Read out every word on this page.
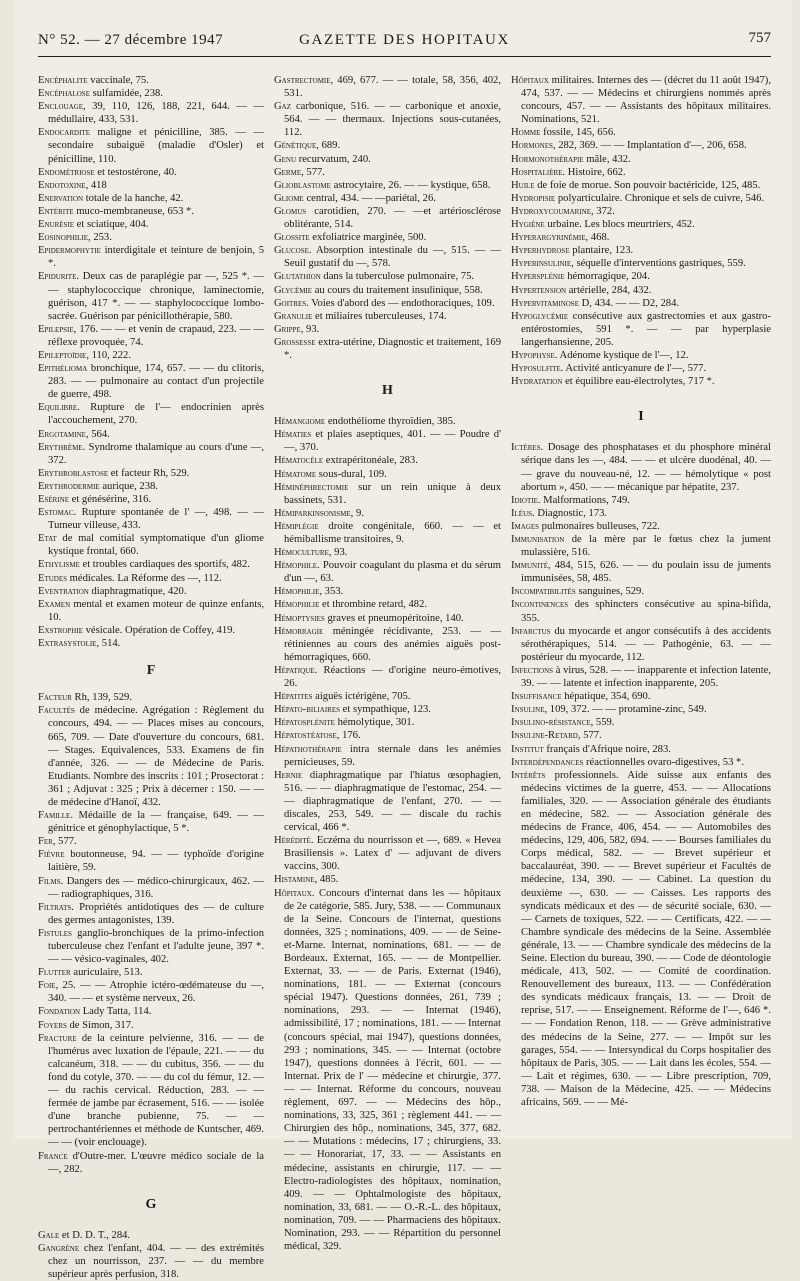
N° 52. — 27 décembre 1947	GAZETTE DES HOPITAUX	757
Encéphalite vaccinale, 75.
Encéphalose sulfamidée, 238.
Enclouage, 39, 110, 126, 188, 221, 644. — — médullaire, 433, 531.
Endocardite maligne et pénicilline, 385. — — secondaire subaiguë (maladie d'Osler) et pénicilline, 110.
Endométriose et testostérone, 40.
Endotoxine, 418
Enervation totale de la hanche, 42.
Entérite muco-membraneuse, 653 *.
Enurésie et sciatique, 404.
Eosinophilie, 253.
Epidermophytie interdigitale et teinture de benjoin, 5 *.
Epidurite. Deux cas de paraplégie par —, 525 *. — — staphylococcique chronique, laminectomie, guérison, 417 *. — — staphylococcique lombo-sacrée. Guérison par pénicillothérapie, 580.
Epilepsie, 176. — — et venin de crapaud, 223. — — réflexe provoquée, 74.
Epileptoïdie, 110, 222.
Epithélioma bronchique, 174, 657. — — du clitoris, 283. — — pulmonaire au contact d'un projectile de guerre, 498.
Equilibre. Rupture de l'— endocrinien après l'accouchement, 270.
Ergotamine, 564.
Erythrème. Syndrome thalamique au cours d'une —, 372.
Erythroblastose et facteur Rh, 529.
Erythrodermie aurique, 238.
Esérine et génésérine, 316.
Estomac. Rupture spontanée de l' —, 498. — — Tumeur villeuse, 433.
Etat de mal comitial symptomatique d'un gliome kystique frontal, 660.
Ethylisme et troubles cardiaques des sportifs, 482.
Etudes médicales. La Réforme des —, 112.
Eventration diaphragmatique, 420.
Examen mental et examen moteur de quinze enfants, 10.
Exstrophie vésicale. Opération de Coffey, 419.
Extrasystolie, 514.
F
Facteur Rh, 139, 529.
Facultés de médecine. Agrégation : Règlement du concours, 494. — — Places mises au concours, 665, 709. — Date d'ouverture du concours, 681. — Stages. Equivalences, 533. Examens de fin d'année, 326. — — de Médecine de Paris. Etudiants. Nombre des inscrits : 101 ; Prosectorat : 361 ; Adjuvat : 325 ; Prix à décerner : 150. — — de médecine d'Hanoï, 432.
Famille. Médaille de la — française, 649. — — génitrice et génophylactique, 5 *.
Fer, 577.
Fièvre boutonneuse, 94. — — typhoïde d'origine laitière, 59.
Films. Dangers des — médico-chirurgicaux, 462. — — radiographiques, 316.
Filtrats. Propriétés antidotiques des — de culture des germes antagonistes, 139.
Fistules ganglio-bronchiques de la primo-infection tuberculeuse chez l'enfant et l'adulte jeune, 397 *. — — vésico-vaginales, 402.
Flutter auriculaire, 513.
Foie, 25. — — Atrophie ictéro-œdémateuse du —, 340. — — et système nerveux, 26.
Fondation Lady Tatta, 114.
Foyers de Simon, 317.
Fracture de la ceinture pelvienne, 316. — — de l'humérus avec luxation de l'épaule, 221. — — du calcanéum, 318. — — du cubitus, 356. — — du fond du cotyle, 370. — — du col du fémur, 12. — — du rachis cervical. Réduction, 283. — — fermée de jambe par écrasement, 516. — — isolée d'une branche pubienne, 75. — — pertrochantériennes et méthode de Kuntscher, 469. — — (voir enclouage).
France d'Outre-mer. L'œuvre médico sociale de la —, 282.
G
Gale et D. D. T., 284.
Gangrène chez l'enfant, 404. — — des extrémités chez un nourrisson, 237. — — du membre supérieur après perfusion, 318.
Gastrectomie, 469, 677. — — totale, 58, 356, 402, 531.
Gaz carbonique, 516. — — carbonique et anoxie, 564. — — thermaux. Injections sous-cutanées, 112.
Génétique, 689.
Genu recurvatum, 240.
Germe, 577.
Glioblastome astrocytaire, 26. — — kystique, 658.
Gliome central, 434. — —pariétal, 26.
Glomus carotidien, 270. — —et artériosclérose oblitérante, 514.
Glossite exfoliatrice marginée, 500.
Glucose. Absorption intestinale du —, 515. — — Seuil gustatif du —, 578.
Glutathion dans la tuberculose pulmonaire, 75.
Glycémie au cours du traitement insulinique, 558.
Goitres. Voies d'abord des — endothoraciques, 109.
Granulie et miliaires tuberculeuses, 174.
Grippe, 93.
Grossesse extra-utérine, Diagnostic et traitement, 169 *.
H
Hémangiome endothéliome thyroïdien, 385.
Hématies et plaies aseptiques, 401. — — Poudre d' —, 370.
Hématocèle extrapéritonéale, 283.
Hématome sous-dural, 109.
Héminéphrectomie sur un rein unique à deux bassinets, 531.
Hémiparkinsonisme, 9.
Hémiplégie droite congénitale, 660. — — et hémiballisme transitoires, 9.
Hémoculture, 93.
Hémophile. Pouvoir coagulant du plasma et du sérum d'un —, 63.
Hémophilie, 353.
Hémophilie et thrombine retard, 482.
Hémoptysies graves et pneumopéritoine, 140.
Hémorragie méningée récidivante, 253. — — rétiniennes au cours des anémies aiguës post-hémorragiques, 660.
Hépatique. Réactions — d'origine neuro-émotives, 26.
Hépatites aiguës ictérigène, 705.
Hépato-biliaires et sympathique, 123.
Hépatosplénite hémolytique, 301.
Hépatostéatose, 176.
Hépathothérapie intra sternale dans les anémies pernicieuses, 59.
Hernie diaphragmatique par l'hiatus œsophagien, 516. — — diaphragmatique de l'estomac, 254. — — diaphragmatique de l'enfant, 270. — — discales, 253, 549. — — discale du rachis cervical, 466 *.
Hérédité. Eczéma du nourrisson et —, 689. « Hevea Brasiliensis ». Latex d' — adjuvant de divers vaccins, 300.
Histamine, 485.
Hôpitaux. Concours d'internat dans les — hôpitaux de 2e catégorie, 585. Jury, 538. — — Communaux de la Seine. Concours de l'internat, questions données, 325 ; nominations, 409. — — de Seine-et-Marne. Internat, nominations, 681. — — de Bordeaux. Externat, 165. — — de Montpellier. Externat, 33. — — de Paris. Externat (1946), nominations, 181. — — Externat (concours spécial 1947). Questions données, 261, 739 ; nominations, 293. — — Internat (1946), admissibilité, 17 ; nominations, 181. — — Internat (concours spécial, mai 1947), questions données, 293 ; nominations, 345. — — Internat (octobre 1947), questions données à l'écrit, 601. — — Internat. Prix de l' — médecine et chirurgie, 377. — — Internat. Réforme du concours, nouveau règlement, 697. — — Médecins des hôp., nominations, 33, 325, 361 ; règlement 441. — — Chirurgien des hôp., nominations, 345, 377, 682. — — Mutations : médecins, 17 ; chirurgiens, 33. — — Honorariat, 17, 33. — — Assistants en médecine, assistants en chirurgie, 117. — — Electro-radiologistes des hôpitaux, nomination, 409. — — Ophtalmologiste des hôpitaux, nomination, 33, 681. — — O.-R.-L. des hôpitaux, nomination, 709. — — Pharmaciens des hôpitaux. Nomination, 293. — — Répartition du personnel médical, 329.
Hôpitaux militaires. Internes des — (décret du 11 août 1947), 474, 537. — — Médecins et chirurgiens nommés après concours, 457. — — Assistants des hôpitaux militaires. Nominations, 521.
Homme fossile, 145, 656.
Hormones, 282, 369. — — Implantation d'—, 206, 658.
Hormonothérapie mâle, 432.
Hospitalière. Histoire, 662.
Huile de foie de morue. Son pouvoir bactéricide, 125, 485.
Hydropisie polyarticulaire. Chronique et sels de cuivre, 546.
Hydroxycoumarine, 372.
Hygiène urbaine. Les blocs meurtriers, 452.
Hyperargyrinémie, 468.
Hyperhydrose plantaire, 123.
Hyperinsulinie, séquelle d'interventions gastriques, 559.
Hypersplénie hémorragique, 204.
Hypertension artérielle, 284, 432.
Hypervitaminose D, 434. — — D2, 284.
Hypoglycémie consécutive aux gastrectomies et aux gastro-entérostomies, 591 *. — — par hyperplasie langerhansienne, 205.
Hypophyse. Adénome kystique de l'—, 12.
Hyposulfite. Activité anticyanure de l'—, 577.
Hydratation et équilibre eau-électrolytes, 717 *.
I
Ictères. Dosage des phosphatases et du phosphore minéral sérique dans les —, 484. — — et ulcère duodénal, 40. — — grave du nouveau-né, 12. — — hémolytique « post abortum », 450. — — mécanique par hépatite, 237.
Idiotie. Malformations, 749.
Iléus. Diagnostic, 173.
Images pulmonaires bulleuses, 722.
Immunisation de la mère par le fœtus chez la jument mulassière, 516.
Immunité, 484, 515, 626. — — du poulain issu de juments immunisées, 58, 485.
Incompatibilités sanguines, 529.
Incontinences des sphincters consécutive au spina-bifida, 355.
Infarctus du myocarde et angor consécutifs à des accidents sérothérapiques, 514. — — Pathogénie, 63. — — postérieur du myocarde, 112.
Infections à virus, 528. — — inapparente et infection latente, 39. — — latente et infection inapparente, 205.
Insuffisance hépatique, 354, 690.
Insuline, 109, 372. — — protamine-zinc, 549.
Insulino-résistance, 559.
Insuline-Retard, 577.
Institut français d'Afrique noire, 283.
Interdépendances réactionnelles ovaro-digestives, 53 *.
Intérêts professionnels. Aide suisse aux enfants des médecins victimes de la guerre, 453. — — Allocations familiales, 320. — — Association générale des étudiants en médecine, 582. — — Association générale des médecins de France, 406, 454. — — Automobiles des médecins, 129, 406, 582, 694. — — Bourses familiales du Corps médical, 582. — — Brevet supérieur et baccalauréat, 390. — — Brevet supérieur et Facultés de médecine, 134, 390. — — Cabinet. La question du deuxième —, 630. — — Caisses. Les rapports des syndicats médicaux et des — de sécurité sociale, 630. — — Carnets de toxiques, 522. — — Certificats, 422. — — Chambre syndicale des médecins de la Seine. Assemblée générale, 13. — — Chambre syndicale des médecins de la Seine. Election du bureau, 390. — — Code de déontologie médicale, 413, 502. — — Comité de coordination. Renouvellement des bureaux, 113. — — Confédération des syndicats médicaux français, 13. — — Droit de reprise, 517. — — Enseignement. Réforme de l'—, 646 *. — — Fondation Renon, 118. — — Grève administrative des médecins de la Seine, 277. — — Impôt sur les garages, 554. — — Intersyndical du Corps hospitalier des hôpitaux de Paris, 305. — — Lait dans les écoles, 554. — — Lait et régimes, 630. — — Libre prescription, 709, 738. — Maison de la Médecine, 425. — — Médecins africains, 569. — — Mé-
